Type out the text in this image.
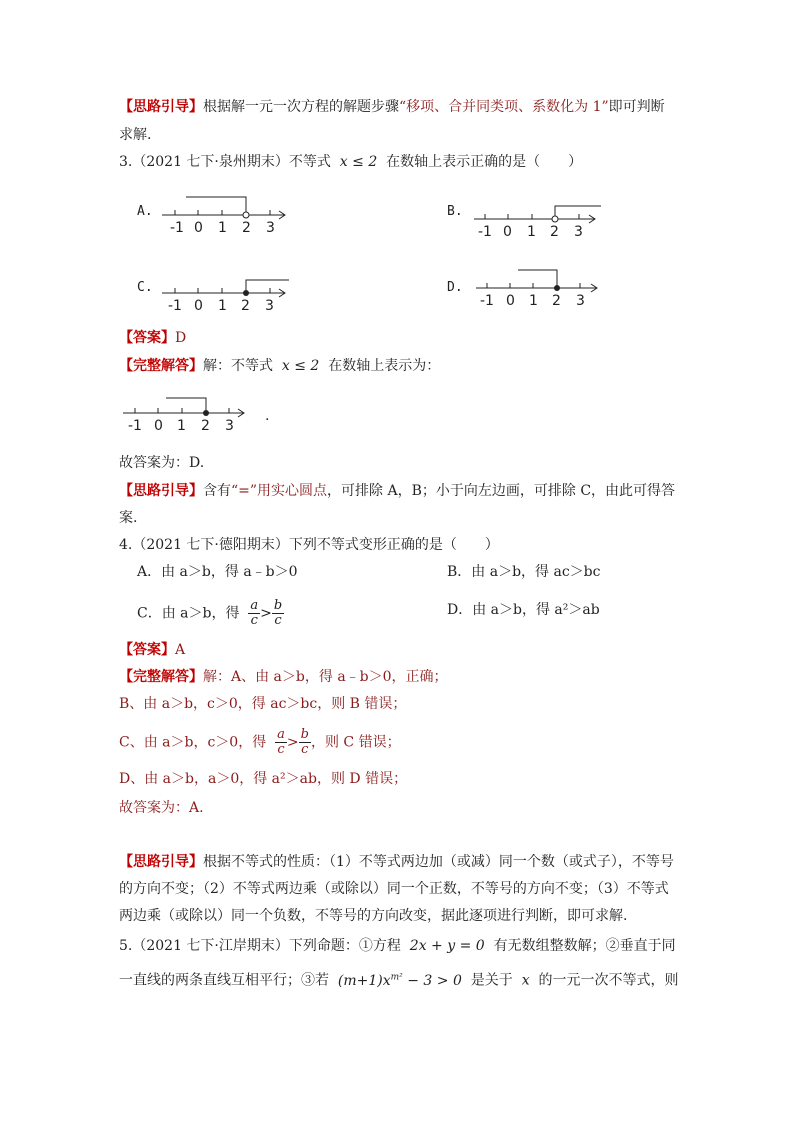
【思路引导】根据解一元一次方程的解题步骤“移项、合并同类项、系数化为 1”即可判断
求解.
3.（2021 七下·泉州期末）不等式 x ≤ 2 在数轴上表示正确的是（　　）
A.	B.
C.	D.
-1 0 1 2 3	-1 0 1 2 3
-1 0 1 2 3	-1 0 1 2 3
-1 0 1 2 3
【答案】D
【完整解答】解：不等式 x ≤ 2 在数轴上表示为：
.
故答案为：D.
【思路引导】含有“=”用实心圆点，可排除 A，B；小于向左边画，可排除 C，由此可得答
案.
4.（2021 七下·德阳期末）下列不等式变形正确的是（　　）
A．由 a＞b，得 a﹣b＞0	B．由 a＞b，得 ac＞bc
C．由 a＞b，得 $\frac{a}{c} > \frac{b}{c}$	D．由 a＞b，得 a²＞ab
【答案】A
【完整解答】解：A、由 a＞b，得 a﹣b＞0，正确；
B、由 a＞b，c＞0，得 ac＞bc，则 B 错误；
C、由 a＞b，c＞0，得 $\frac{a}{c} > \frac{b}{c}$ ，则 C 错误；
D、由 a＞b，a＞0，得 a²＞ab，则 D 错误；
故答案为：A.
【思路引导】根据不等式的性质：（1）不等式两边加（或减）同一个数（或式子），不等号
的方向不变；（2）不等式两边乘（或除以）同一个正数，不等号的方向不变；（3）不等式
两边乘（或除以）同一个负数，不等号的方向改变，据此逐项进行判断，即可求解.
5.（2021 七下·江岸期末）下列命题：①方程 2x + y = 0 有无数组整数解；②垂直于同
一直线的两条直线互相平行；③若 $(m+1)x^{m^2} - 3 > 0$ 是关于 x 的一元一次不等式，则
